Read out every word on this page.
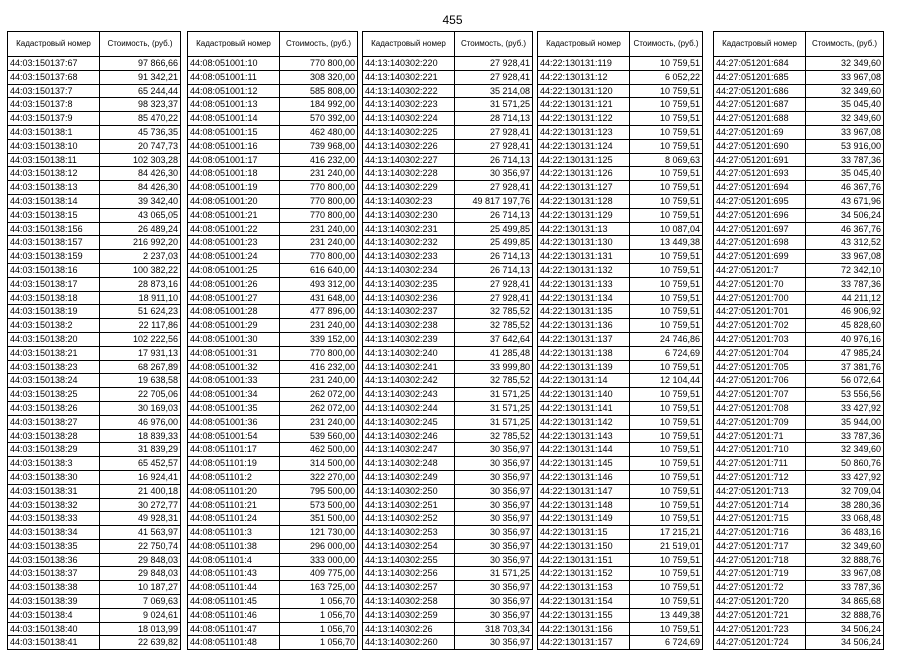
455
Кадастровый номер	Стоимость, (руб.)
44:03:150137:67	97 866,66
44:03:150137:68	91 342,21
44:03:150137:7	65 244,44
44:03:150137:8	98 323,37
44:03:150137:9	85 470,22
44:03:150138:1	45 736,35
44:03:150138:10	20 747,73
44:03:150138:11	102 303,28
44:03:150138:12	84 426,30
44:03:150138:13	84 426,30
44:03:150138:14	39 342,40
44:03:150138:15	43 065,05
44:03:150138:156	26 489,24
44:03:150138:157	216 992,20
44:03:150138:159	2 237,03
44:03:150138:16	100 382,22
44:03:150138:17	28 873,16
44:03:150138:18	18 911,10
44:03:150138:19	51 624,23
44:03:150138:2	22 117,86
44:03:150138:20	102 222,56
44:03:150138:21	17 931,13
44:03:150138:23	68 267,89
44:03:150138:24	19 638,58
44:03:150138:25	22 705,06
44:03:150138:26	30 169,03
44:03:150138:27	46 976,00
44:03:150138:28	18 839,33
44:03:150138:29	31 839,29
44:03:150138:3	65 452,57
44:03:150138:30	16 924,41
44:03:150138:31	21 400,18
44:03:150138:32	30 272,77
44:03:150138:33	49 928,31
44:03:150138:34	41 563,97
44:03:150138:35	22 750,74
44:03:150138:36	29 848,03
44:03:150138:37	29 848,03
44:03:150138:38	10 187,27
44:03:150138:39	7 069,63
44:03:150138:4	9 024,61
44:03:150138:40	18 013,99
44:03:150138:41	22 639,82
Кадастровый номер	Стоимость, (руб.)
44:08:051001:10	770 800,00
44:08:051001:11	308 320,00
44:08:051001:12	585 808,00
44:08:051001:13	184 992,00
44:08:051001:14	570 392,00
44:08:051001:15	462 480,00
44:08:051001:16	739 968,00
44:08:051001:17	416 232,00
44:08:051001:18	231 240,00
44:08:051001:19	770 800,00
44:08:051001:20	770 800,00
44:08:051001:21	770 800,00
44:08:051001:22	231 240,00
44:08:051001:23	231 240,00
44:08:051001:24	770 800,00
44:08:051001:25	616 640,00
44:08:051001:26	493 312,00
44:08:051001:27	431 648,00
44:08:051001:28	477 896,00
44:08:051001:29	231 240,00
44:08:051001:30	339 152,00
44:08:051001:31	770 800,00
44:08:051001:32	416 232,00
44:08:051001:33	231 240,00
44:08:051001:34	262 072,00
44:08:051001:35	262 072,00
44:08:051001:36	231 240,00
44:08:051001:54	539 560,00
44:08:051101:17	462 500,00
44:08:051101:19	314 500,00
44:08:051101:2	322 270,00
44:08:051101:20	795 500,00
44:08:051101:21	573 500,00
44:08:051101:24	351 500,00
44:08:051101:3	121 730,00
44:08:051101:38	296 000,00
44:08:051101:4	333 000,00
44:08:051101:43	409 775,00
44:08:051101:44	163 725,00
44:08:051101:45	1 056,70
44:08:051101:46	1 056,70
44:08:051101:47	1 056,70
44:08:051101:48	1 056,70
Кадастровый номер	Стоимость, (руб.)
44:13:140302:220	27 928,41
44:13:140302:221	27 928,41
44:13:140302:222	35 214,08
44:13:140302:223	31 571,25
44:13:140302:224	28 714,13
44:13:140302:225	27 928,41
44:13:140302:226	27 928,41
44:13:140302:227	26 714,13
44:13:140302:228	30 356,97
44:13:140302:229	27 928,41
44:13:140302:23	49 817 197,76
44:13:140302:230	26 714,13
44:13:140302:231	25 499,85
44:13:140302:232	25 499,85
44:13:140302:233	26 714,13
44:13:140302:234	26 714,13
44:13:140302:235	27 928,41
44:13:140302:236	27 928,41
44:13:140302:237	32 785,52
44:13:140302:238	32 785,52
44:13:140302:239	37 642,64
44:13:140302:240	41 285,48
44:13:140302:241	33 999,80
44:13:140302:242	32 785,52
44:13:140302:243	31 571,25
44:13:140302:244	31 571,25
44:13:140302:245	31 571,25
44:13:140302:246	32 785,52
44:13:140302:247	30 356,97
44:13:140302:248	30 356,97
44:13:140302:249	30 356,97
44:13:140302:250	30 356,97
44:13:140302:251	30 356,97
44:13:140302:252	30 356,97
44:13:140302:253	30 356,97
44:13:140302:254	30 356,97
44:13:140302:255	30 356,97
44:13:140302:256	31 571,25
44:13:140302:257	30 356,97
44:13:140302:258	30 356,97
44:13:140302:259	30 356,97
44:13:140302:26	318 703,34
44:13:140302:260	30 356,97
Кадастровый номер	Стоимость, (руб.)
44:22:130131:119	10 759,51
44:22:130131:12	6 052,22
44:22:130131:120	10 759,51
44:22:130131:121	10 759,51
44:22:130131:122	10 759,51
44:22:130131:123	10 759,51
44:22:130131:124	10 759,51
44:22:130131:125	8 069,63
44:22:130131:126	10 759,51
44:22:130131:127	10 759,51
44:22:130131:128	10 759,51
44:22:130131:129	10 759,51
44:22:130131:13	10 087,04
44:22:130131:130	13 449,38
44:22:130131:131	10 759,51
44:22:130131:132	10 759,51
44:22:130131:133	10 759,51
44:22:130131:134	10 759,51
44:22:130131:135	10 759,51
44:22:130131:136	10 759,51
44:22:130131:137	24 746,86
44:22:130131:138	6 724,69
44:22:130131:139	10 759,51
44:22:130131:14	12 104,44
44:22:130131:140	10 759,51
44:22:130131:141	10 759,51
44:22:130131:142	10 759,51
44:22:130131:143	10 759,51
44:22:130131:144	10 759,51
44:22:130131:145	10 759,51
44:22:130131:146	10 759,51
44:22:130131:147	10 759,51
44:22:130131:148	10 759,51
44:22:130131:149	10 759,51
44:22:130131:15	17 215,21
44:22:130131:150	21 519,01
44:22:130131:151	10 759,51
44:22:130131:152	10 759,51
44:22:130131:153	10 759,51
44:22:130131:154	10 759,51
44:22:130131:155	13 449,38
44:22:130131:156	10 759,51
44:22:130131:157	6 724,69
Кадастровый номер	Стоимость, (руб.)
44:27:051201:684	32 349,60
44:27:051201:685	33 967,08
44:27:051201:686	32 349,60
44:27:051201:687	35 045,40
44:27:051201:688	32 349,60
44:27:051201:69	33 967,08
44:27:051201:690	53 916,00
44:27:051201:691	33 787,36
44:27:051201:693	35 045,40
44:27:051201:694	46 367,76
44:27:051201:695	43 671,96
44:27:051201:696	34 506,24
44:27:051201:697	46 367,76
44:27:051201:698	43 312,52
44:27:051201:699	33 967,08
44:27:051201:7	72 342,10
44:27:051201:70	33 787,36
44:27:051201:700	44 211,12
44:27:051201:701	46 906,92
44:27:051201:702	45 828,60
44:27:051201:703	40 976,16
44:27:051201:704	47 985,24
44:27:051201:705	37 381,76
44:27:051201:706	56 072,64
44:27:051201:707	53 556,56
44:27:051201:708	33 427,92
44:27:051201:709	35 944,00
44:27:051201:71	33 787,36
44:27:051201:710	32 349,60
44:27:051201:711	50 860,76
44:27:051201:712	33 427,92
44:27:051201:713	32 709,04
44:27:051201:714	38 280,36
44:27:051201:715	33 068,48
44:27:051201:716	36 483,16
44:27:051201:717	32 349,60
44:27:051201:718	32 888,76
44:27:051201:719	33 967,08
44:27:051201:72	33 787,36
44:27:051201:720	34 865,68
44:27:051201:721	32 888,76
44:27:051201:723	34 506,24
44:27:051201:724	34 506,24
